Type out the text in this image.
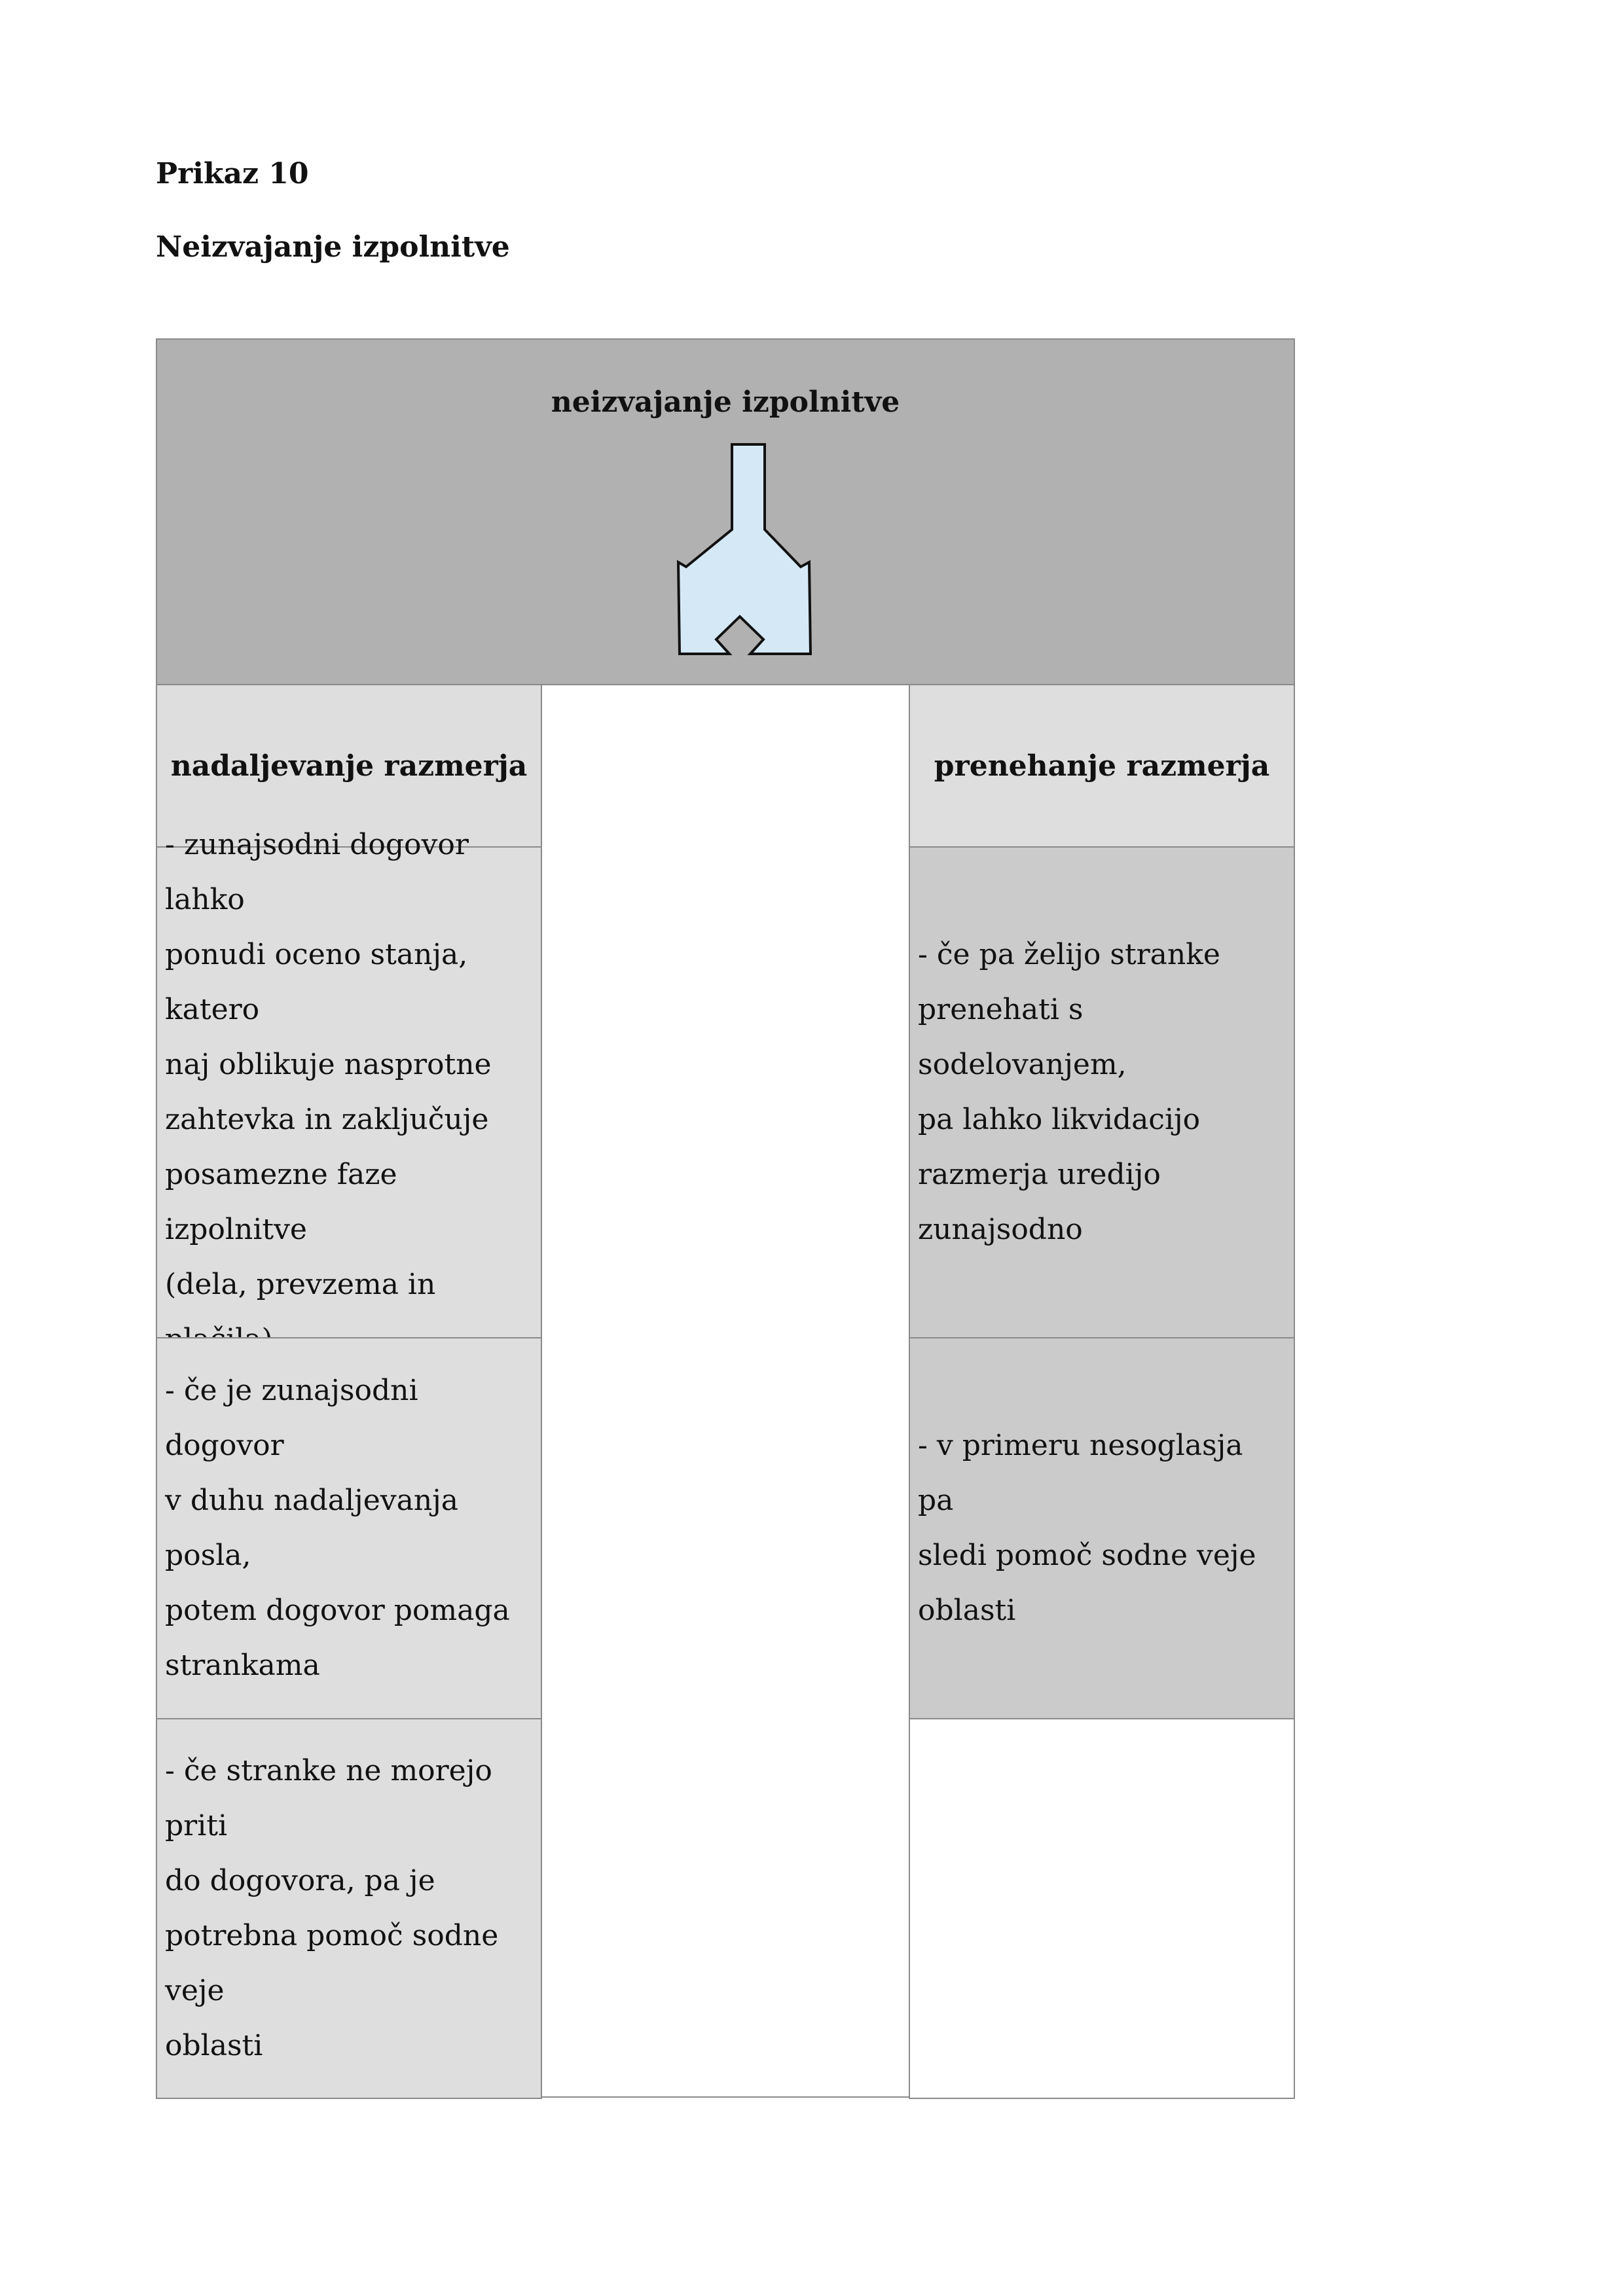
Prikaz 10
Neizvajanje izpolnitve
neizvajanje izpolnitve
nadaljevanje razmerja	prenehanje razmerja
- zunajsodni dogovor lahko
ponudi oceno stanja, katero
naj oblikuje nasprotne
zahtevka in zaključuje
posamezne faze izpolnitve
(dela, prevzema in
- če je zunajsodni dogovor
v duhu nadaljevanja posla,
potem dogovor pomaga
strankama
- če stranke ne morejo priti
do dogovora, pa je
potrebna pomoč sodne veje
oblasti
- če pa želijo stranke
prenehati s sodelovanjem,
pa lahko likvidacijo
razmerja uredijo
zunajsodno
- v primeru nesoglasja pa
sledi pomoč sodne veje
oblasti
